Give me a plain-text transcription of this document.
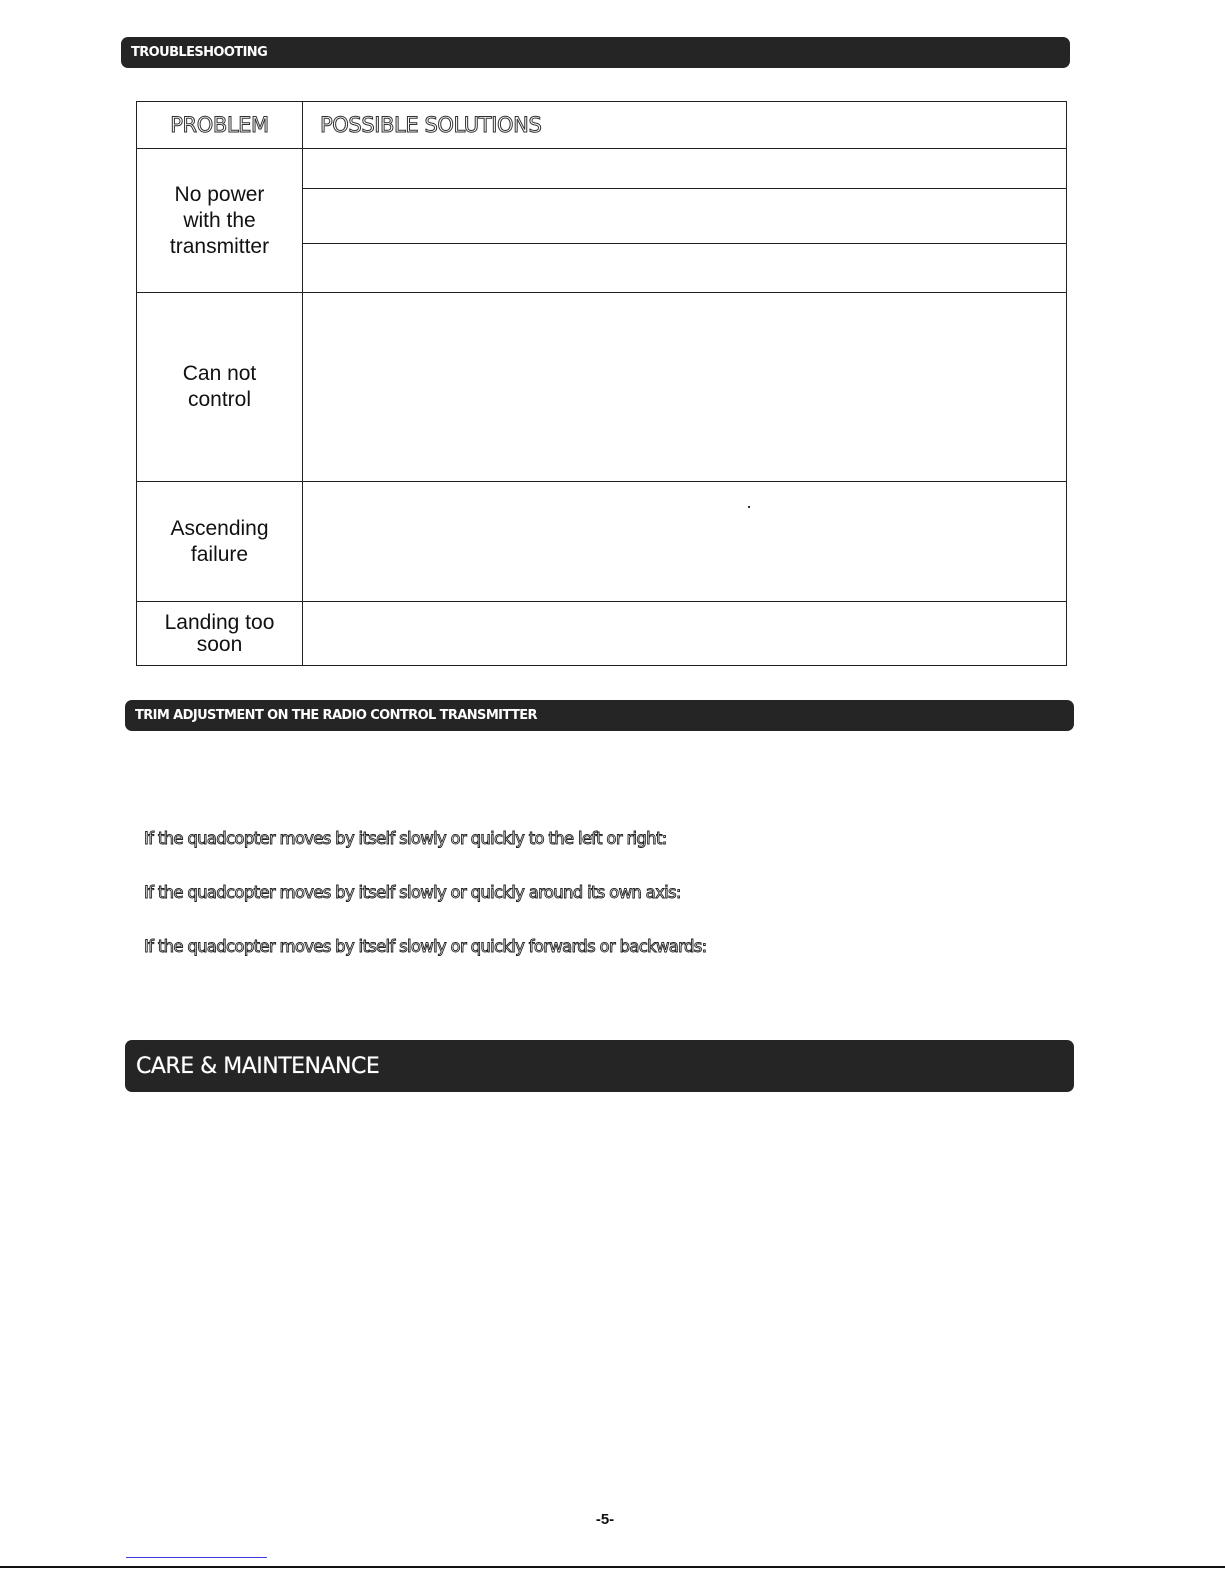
TROUBLESHOOTING
PROBLEM	POSSIBLE SOLUTIONS

No power
with the
transmitter	

Can not
control	

Ascending
failure	

Landing too
soon	

TRIM ADJUSTMENT ON THE RADIO CONTROL TRANSMITTER
If the quadcopter moves by itself slowly or quickly to the left or right:
If the quadcopter moves by itself slowly or quickly around its own axis:
If the quadcopter moves by itself slowly or quickly forwards or backwards:
CARE & MAINTENANCE
-5-
